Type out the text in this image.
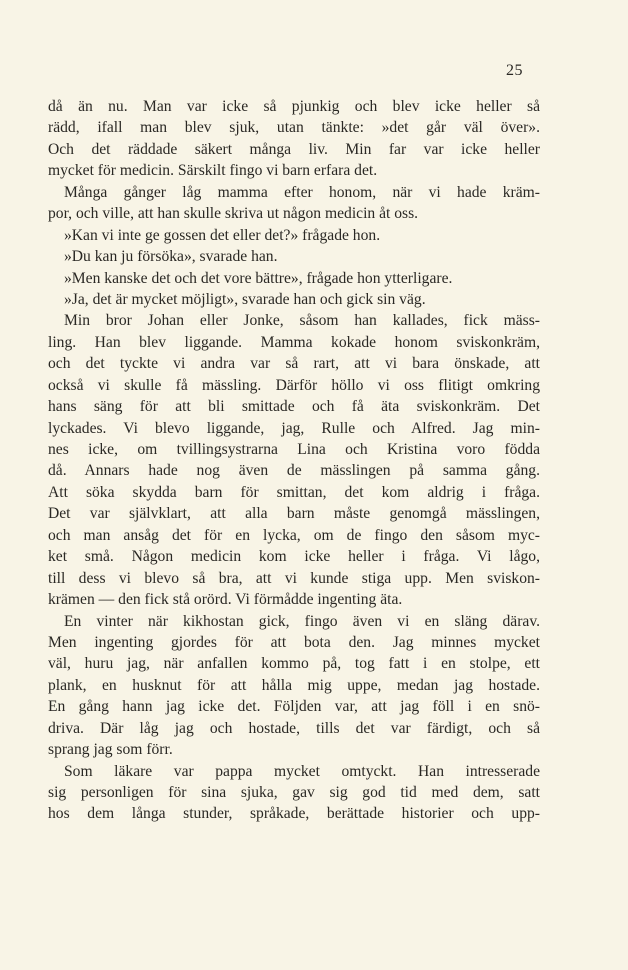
25
då än nu. Man var icke så pjunkig och blev icke heller så
rädd, ifall man blev sjuk, utan tänkte: »det går väl över».
Och det räddade säkert många liv. Min far var icke heller
mycket för medicin. Särskilt fingo vi barn erfara det.
Många gånger låg mamma efter honom, när vi hade kräm-
por, och ville, att han skulle skriva ut någon medicin åt oss.
»Kan vi inte ge gossen det eller det?» frågade hon.
»Du kan ju försöka», svarade han.
»Men kanske det och det vore bättre», frågade hon ytterligare.
»Ja, det är mycket möjligt», svarade han och gick sin väg.
Min bror Johan eller Jonke, såsom han kallades, fick mäss-
ling. Han blev liggande. Mamma kokade honom sviskonkräm,
och det tyckte vi andra var så rart, att vi bara önskade, att
också vi skulle få mässling. Därför höllo vi oss flitigt omkring
hans säng för att bli smittade och få äta sviskonkräm. Det
lyckades. Vi blevo liggande, jag, Rulle och Alfred. Jag min-
nes icke, om tvillingsystrarna Lina och Kristina voro födda
då. Annars hade nog även de mässlingen på samma gång.
Att söka skydda barn för smittan, det kom aldrig i fråga.
Det var självklart, att alla barn måste genomgå mässlingen,
och man ansåg det för en lycka, om de fingo den såsom myc-
ket små. Någon medicin kom icke heller i fråga. Vi lågo,
till dess vi blevo så bra, att vi kunde stiga upp. Men sviskon-
krämen — den fick stå orörd. Vi förmådde ingenting äta.
En vinter när kikhostan gick, fingo även vi en släng därav.
Men ingenting gjordes för att bota den. Jag minnes mycket
väl, huru jag, när anfallen kommo på, tog fatt i en stolpe, ett
plank, en husknut för att hålla mig uppe, medan jag hostade.
En gång hann jag icke det. Följden var, att jag föll i en snö-
driva. Där låg jag och hostade, tills det var färdigt, och så
sprang jag som förr.
Som läkare var pappa mycket omtyckt. Han intresserade
sig personligen för sina sjuka, gav sig god tid med dem, satt
hos dem långa stunder, språkade, berättade historier och upp-
